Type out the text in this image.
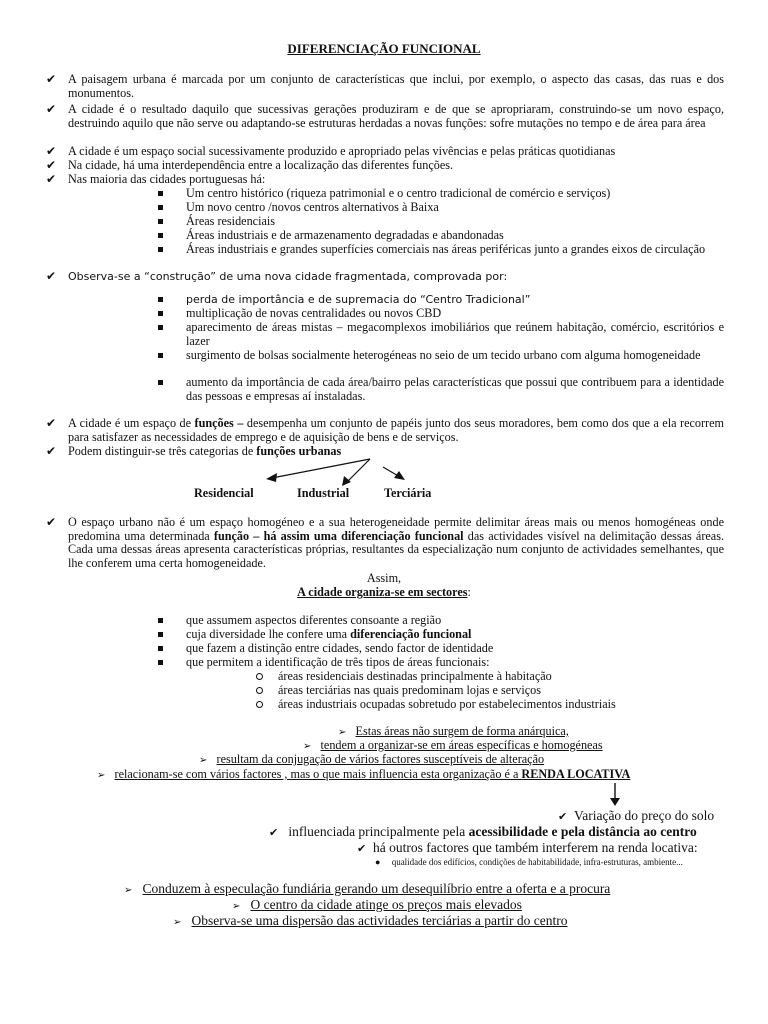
DIFERENCIAÇÃO FUNCIONAL
✔ A paisagem urbana é marcada por um conjunto de características que inclui, por exemplo, o aspecto das casas, das ruas e dos monumentos.
✔ A cidade é o resultado daquilo que sucessivas gerações produziram e de que se apropriaram, construindo-se um novo espaço, destruindo aquilo que não serve ou adaptando-se estruturas herdadas a novas funções: sofre mutações no tempo e de área para área
✔ A cidade é um espaço social sucessivamente produzido e apropriado pelas vivências e pelas práticas quotidianas
✔ Na cidade, há uma interdependência entre a localização das diferentes funções.
✔ Nas maioria das cidades portuguesas há:
Um centro histórico (riqueza patrimonial e o centro tradicional de comércio e serviços)
Um novo centro /novos centros alternativos à Baixa
Áreas residenciais
Áreas industriais e de armazenamento degradadas e abandonadas
Áreas industriais e grandes superfícies comerciais nas áreas periféricas junto a grandes eixos de circulação
✔ Observa-se a “construção” de uma nova cidade fragmentada, comprovada por:
perda de importância e de supremacia do “Centro Tradicional”
multiplicação de novas centralidades ou novos CBD
aparecimento de áreas mistas – megacomplexos imobiliários que reúnem habitação, comércio, escritórios e lazer
surgimento de bolsas socialmente heterogéneas no seio de um tecido urbano com alguma homogeneidade
aumento da importância de cada área/bairro pelas características que possui que contribuem para a identidade das pessoas e empresas aí instaladas.
✔ A cidade é um espaço de funções – desempenha um conjunto de papéis junto dos seus moradores, bem como dos que a ela recorrem para satisfazer as necessidades de emprego e de aquisição de bens e de serviços.
✔ Podem distinguir-se três categorias de funções urbanas
Residencial	Industrial	Terciária
✔ O espaço urbano não é um espaço homogéneo e a sua heterogeneidade permite delimitar áreas mais ou menos homogéneas onde predomina uma determinada função – há assim uma diferenciação funcional das actividades visível na delimitação dessas áreas. Cada uma dessas áreas apresenta características próprias, resultantes da especialização num conjunto de actividades semelhantes, que lhe conferem uma certa homogeneidade.
Assim,
A cidade organiza-se em sectores:
que assumem aspectos diferentes consoante a região
cuja diversidade lhe confere uma diferenciação funcional
que fazem a distinção entre cidades, sendo factor de identidade
que permitem a identificação de três tipos de áreas funcionais:
áreas residenciais destinadas principalmente à habitação
áreas terciárias nas quais predominam lojas e serviços
áreas industriais ocupadas sobretudo por estabelecimentos industriais
➢ Estas áreas não surgem de forma anárquica,
➢ tendem a organizar-se em áreas específicas e homogéneas
➢ resultam da conjugação de vários factores susceptíveis de alteração
➢ relacionam-se com vários factores , mas o que mais influencia esta organização é a RENDA LOCATIVA
✔ Variação do preço do solo
✔ influenciada principalmente pela acessibilidade e pela distância ao centro
✔ há outros factores que também interferem na renda locativa:
● qualidade dos edifícios, condições de habitabilidade, infra-estruturas, ambiente...
➢ Conduzem à especulação fundiária gerando um desequilíbrio entre a oferta e a procura
➢ O centro da cidade atinge os preços mais elevados
➢ Observa-se uma dispersão das actividades terciárias a partir do centro
